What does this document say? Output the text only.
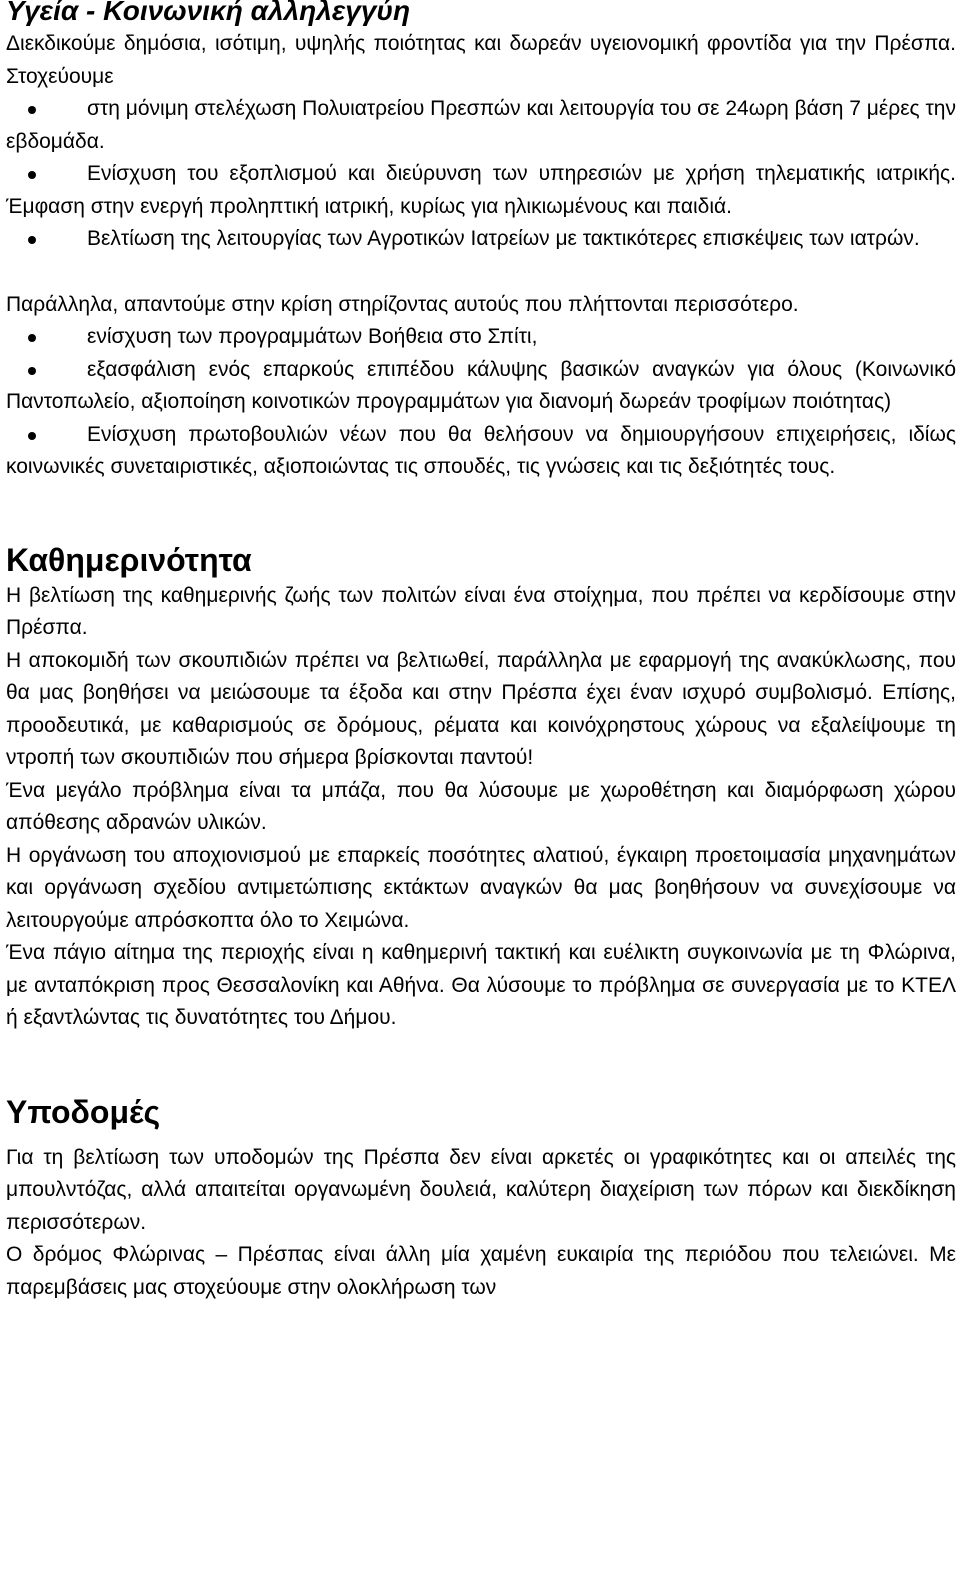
Υγεία - Κοινωνική αλληλεγγύη

Διεκδικούμε δημόσια, ισότιμη, υψηλής ποιότητας και δωρεάν υγειονομική φροντίδα για την Πρέσπα. Στοχεύουμε

στη μόνιμη στελέχωση Πολυιατρείου Πρεσπών και λειτουργία του σε 24ωρη βάση 7 μέρες την εβδομάδα.

Ενίσχυση του εξοπλισμού και διεύρυνση των υπηρεσιών με χρήση τηλεματικής ιατρικής. Έμφαση στην ενεργή προληπτική ιατρική, κυρίως για ηλικιωμένους και παιδιά.

Βελτίωση της λειτουργίας των Αγροτικών Ιατρείων με τακτικότερες επισκέψεις των ιατρών.

Παράλληλα, απαντούμε στην κρίση στηρίζοντας αυτούς που πλήττονται περισσότερο.

ενίσχυση των προγραμμάτων Βοήθεια στο Σπίτι,

εξασφάλιση ενός επαρκούς επιπέδου κάλυψης βασικών αναγκών για όλους (Κοινωνικό Παντοπωλείο, αξιοποίηση κοινοτικών προγραμμάτων για διανομή δωρεάν τροφίμων ποιότητας)

Ενίσχυση πρωτοβουλιών νέων που θα θελήσουν να δημιουργήσουν επιχειρήσεις, ιδίως κοινωνικές συνεταιριστικές, αξιοποιώντας τις σπουδές, τις γνώσεις και τις δεξιότητές τους.

Καθημερινότητα

Η βελτίωση της καθημερινής ζωής των πολιτών είναι ένα στοίχημα, που πρέπει να κερδίσουμε στην Πρέσπα.

Η αποκομιδή των σκουπιδιών πρέπει να βελτιωθεί, παράλληλα με εφαρμογή της ανακύκλωσης, που θα μας βοηθήσει να μειώσουμε τα έξοδα και στην Πρέσπα έχει έναν ισχυρό συμβολισμό. Επίσης, προοδευτικά, με καθαρισμούς σε δρόμους, ρέματα και κοινόχρηστους χώρους να εξαλείψουμε τη ντροπή των σκουπιδιών που σήμερα βρίσκονται παντού!

Ένα μεγάλο πρόβλημα είναι τα μπάζα, που θα λύσουμε με χωροθέτηση και διαμόρφωση χώρου απόθεσης αδρανών υλικών.

Η οργάνωση του αποχιονισμού με επαρκείς ποσότητες αλατιού, έγκαιρη προετοιμασία μηχανημάτων και οργάνωση σχεδίου αντιμετώπισης εκτάκτων αναγκών θα μας βοηθήσουν να συνεχίσουμε να λειτουργούμε απρόσκοπτα όλο το Χειμώνα.

Ένα πάγιο αίτημα της περιοχής είναι η καθημερινή τακτική και ευέλικτη συγκοινωνία με τη Φλώρινα, με ανταπόκριση προς Θεσσαλονίκη και Αθήνα. Θα λύσουμε το πρόβλημα σε συνεργασία με το ΚΤΕΛ ή εξαντλώντας τις δυνατότητες του Δήμου.

Υποδομές

Για τη βελτίωση των υποδομών της Πρέσπα δεν είναι αρκετές οι γραφικότητες και οι απειλές της μπουλντόζας, αλλά απαιτείται οργανωμένη δουλειά, καλύτερη διαχείριση των πόρων και διεκδίκηση περισσότερων.

Ο δρόμος Φλώρινας – Πρέσπας είναι άλλη μία χαμένη ευκαιρία της περιόδου που τελειώνει. Με παρεμβάσεις μας στοχεύουμε στην ολοκλήρωση των
